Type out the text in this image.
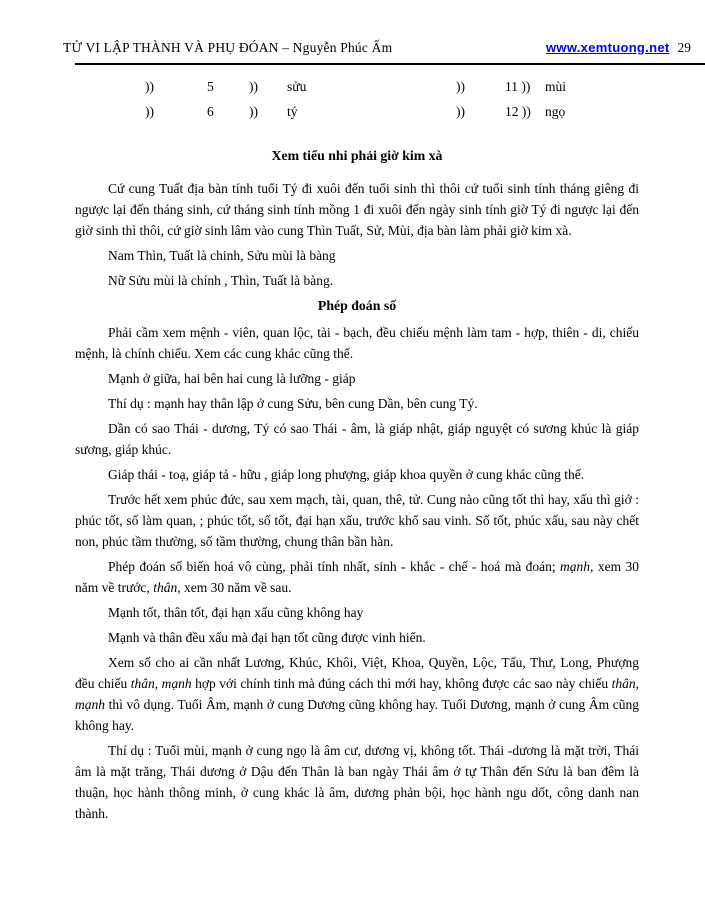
TỬ VI LẬP THÀNH VÀ PHỤ ĐÓAN – Nguyễn Phúc Ấm	www.xemtuong.net 29
))	5	)) sửu	))	11 )) mùi
))	6	)) tý	))	12 )) ngọ
Xem tiểu nhi phải giờ kim xà

Cứ cung Tuất địa bàn tính tuổi Tý đi xuôi đến tuổi sinh thì thôi cứ tuổi sinh tính tháng giêng đi ngược lại đến tháng sinh, cứ tháng sinh tính mồng 1 đi xuôi đến ngày sinh tính giờ Tý đi ngược lại đến giờ sinh thì thôi, cứ giờ sinh lâm vào cung Thìn Tuất, Sử, Mùi, địa bàn làm phải giờ kim xà.

Nam Thìn, Tuất là chinh, Sửu mùi là bàng

Nữ Sửu mùi là chính , Thìn, Tuất là bàng.

Phép đoán số

Phải cầm xem mệnh - viên, quan lộc, tài - bạch, đều chiếu mệnh làm tam - hợp, thiên - di, chiếu mệnh, là chính chiếu. Xem các cung khác cũng thế.

Mạnh ở giữa, hai bên hai cung là lưỡng - giáp

Thí dụ : mạnh hay thân lập ở cung Sửu, bên cung Dần, bên cung Tý.

Dần có sao Thái - dương, Tý có sao Thái - âm, là giáp nhật, giáp nguyệt có sương khúc là giáp sương, giáp khúc.

Giáp thái - toạ, giáp tả - hữu , giáp long phượng, giáp khoa quyền ở cung khác cũng thế.

Trước hết xem phúc đức, sau xem mạch, tài, quan, thê, tử. Cung nào cũng tốt thì hay, xấu thì giở : phúc tốt, số làm quan, ; phúc tốt, số tốt, đại hạn xấu, trước khổ sau vinh. Số tốt, phúc xấu, sau này chết non, phúc tầm thường, số tầm thường, chung thân bần hàn.

Phép đoán số biến hoá vô cùng, phải tính nhất, sinh - khắc - chế - hoá mà đoán; mạnh, xem 30 năm về trước, thân, xem 30 năm về sau.

Mạnh tốt, thân tốt, đại hạn xấu cũng không hay

Mạnh và thân đều xấu mà đại hạn tốt cũng được vinh hiển.

Xem số cho ai cần nhất Lương, Khúc, Khôi, Việt, Khoa, Quyền, Lộc, Tấu, Thư, Long, Phượng đều chiếu thân, mạnh hợp với chính tinh mà đúng cách thì mới hay, không được các sao này chiếu thân, mạnh thì vô dụng. Tuổi Âm, mạnh ở cung Dương cũng không hay. Tuổi Dương, mạnh ở cung Âm cũng không hay.

Thí dụ : Tuổi mùi, mạnh ở cung ngọ là âm cư, dương vị, không tốt. Thái -dương là mặt trời, Thái âm là mặt trăng, Thái dương ở Dậu đến Thân là ban ngày Thái âm ở tự Thân đến Sửu là ban đêm là thuận, học hành thông minh, ở cung khác là âm, dương phản bội, học hành ngu dốt, công danh nan thành.
